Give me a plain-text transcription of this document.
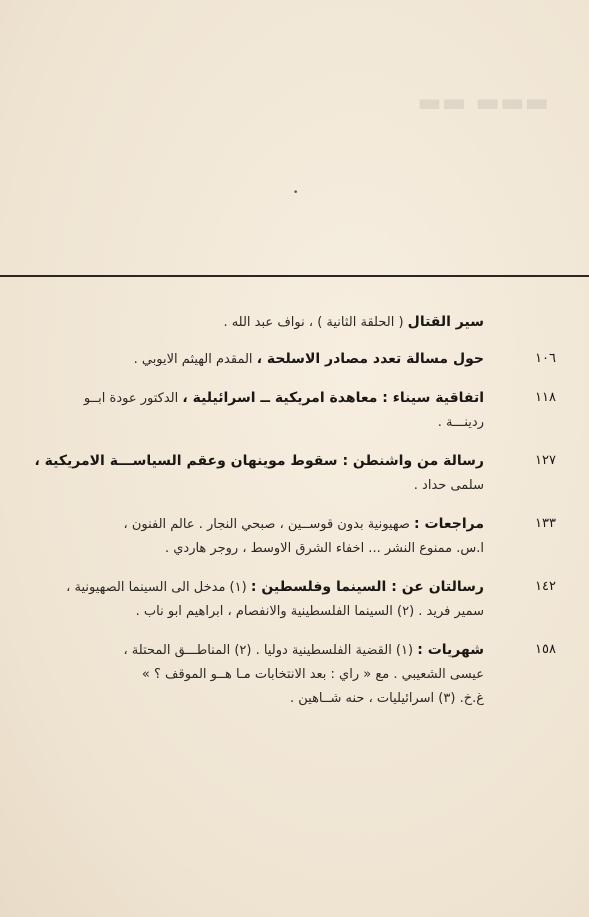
▬▬▬ ▬▬
•
سير القتال ( الحلقة الثانية ) ، نواف عبد الله .
١٠٦
حول مسالة تعدد مصادر الاسلحة ، المقدم الهيثم الايوبي .
١١٨
اتفاقية سيناء : معاهدة امريكية ــ اسرائيلية ، الدكتور عودة ابــو
ردينـــة .
١٢٧
رسالة من واشنطن : سقوط موينهان وعقم السياســـة الامريكية ،
سلمى حداد .
١٣٣
مراجعات : صهيونية بدون قوســين ، صبحي النجار . عالم الفنون ،
ا.س. ممنوع النشر ... اخفاء الشرق الاوسط ، روجر هاردي .
١٤٢
رسالتان عن : السينما وفلسطين : (١) مدخل الى السينما الصهيونية ،
سمير فريد . (٢) السينما الفلسطينية والانفصام ، ابراهيم ابو ناب .
١٥٨
شهريات : (١) القضية الفلسطينية دوليا . (٢) المناطـــق المحتلة ،
عيسى الشعيبي . مع « راي : بعد الانتخابات مـا هــو الموقف ؟ »
غ.خ. (٣) اسرائيليات ، حنه شــاهين .
